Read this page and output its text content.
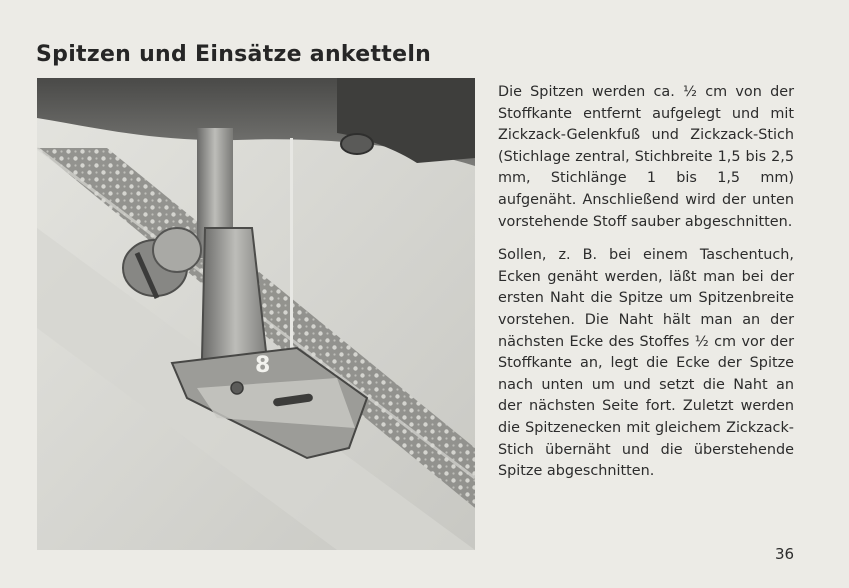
Spitzen und Einsätze anketteln
8

Die Spitzen werden ca. ½ cm von der Stoffkante entfernt aufgelegt und mit Zickzack-Gelenkfuß und Zickzack-Stich (Stichlage zentral, Stichbreite 1,5 bis 2,5 mm, Stichlänge 1 bis 1,5 mm) aufgenäht. Anschließend wird der unten vorstehende Stoff sauber abgeschnitten.

Sollen, z. B. bei einem Taschentuch, Ecken genäht werden, läßt man bei der ersten Naht die Spitze um Spitzenbreite vorstehen. Die Naht hält man an der nächsten Ecke des Stoffes ½ cm vor der Stoffkante an, legt die Ecke der Spitze nach unten um und setzt die Naht an der nächsten Seite fort. Zuletzt werden die Spitzenecken mit gleichem Zickzack-Stich übernäht und die überstehende Spitze abgeschnitten.

36
